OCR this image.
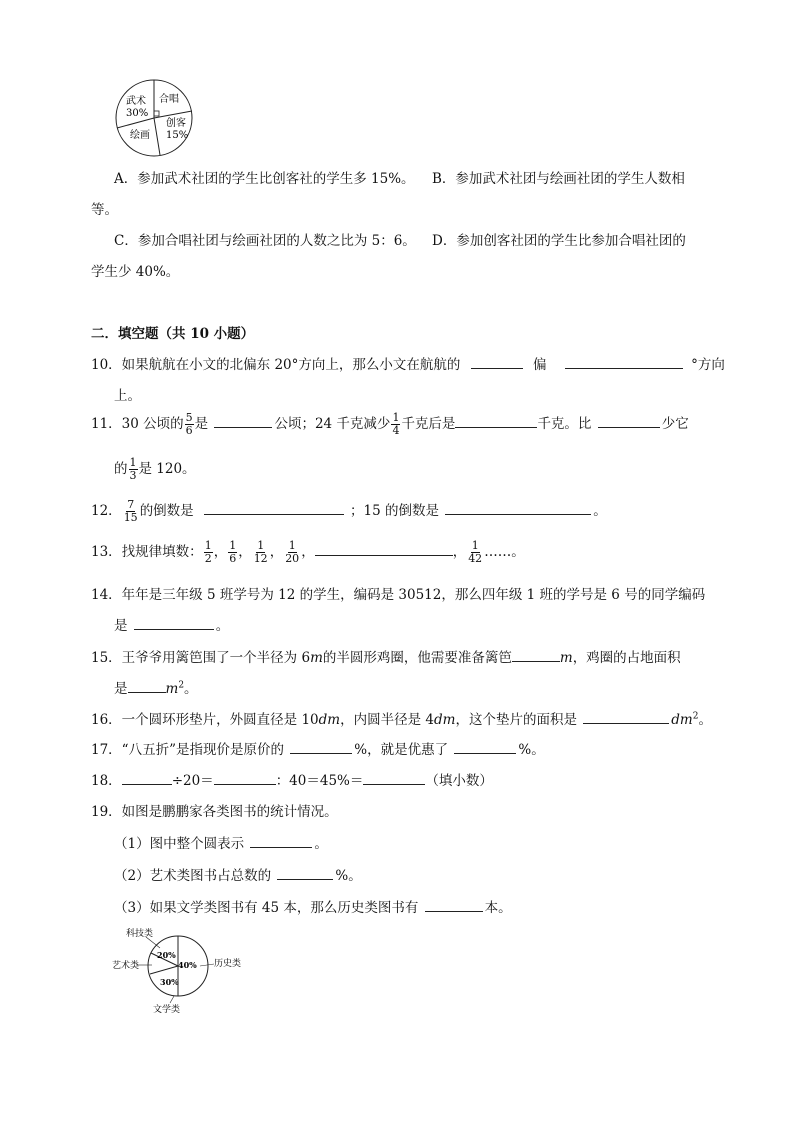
武术
30%
合唱
绘画
创客
15%
A．参加武术社团的学生比创客社的学生多 15%。 B．参加武术社团与绘画社团的学生人数相
等。
C．参加合唱社团与绘画社团的人数之比为 5：6。 D．参加创客社团的学生比参加合唱社团的
学生少 40%。
二．填空题（共 10 小题）
10．如果航航在小文的北偏东 20°方向上，那么小文在航航的	偏	°方向
上。
11．30 公顷的 $\frac{5}{6}$ 是	公顷；24 千克减少 $\frac{1}{4}$ 千克后是	千克。比	少它
的 $\frac{1}{3}$ 是 120。
12． $\frac{7}{15}$ 的倒数是	；15 的倒数是	。
13．找规律填数： $\frac{1}{2}$ ， $\frac{1}{6}$ ， $\frac{1}{12}$ ， $\frac{1}{20}$ ，	， $\frac{1}{42}$ ……。
14．年年是三年级 5 班学号为 12 的学生，编码是 30512，那么四年级 1 班的学号是 6 号的同学编码
是	。
15．王爷爷用篱笆围了一个半径为 6m的半圆形鸡圈，他需要准备篱笆	m，鸡圈的占地面积
是	$m^2$。
16．一个圆环形垫片，外圆直径是 10dm，内圆半径是 4dm，这个垫片的面积是	$dm^2$。
17．“八五折”是指现价是原价的	%，就是优惠了	%。
18．	÷20＝	：40＝45%＝	（填小数）
19．如图是鹏鹏家各类图书的统计情况。
（1）图中整个圆表示	。
（2）艺术类图书占总数的	%。
（3）如果文学类图书有 45 本，那么历史类图书有	本。
20%
40%
30%
科技类
艺术类	历史类
文学类
